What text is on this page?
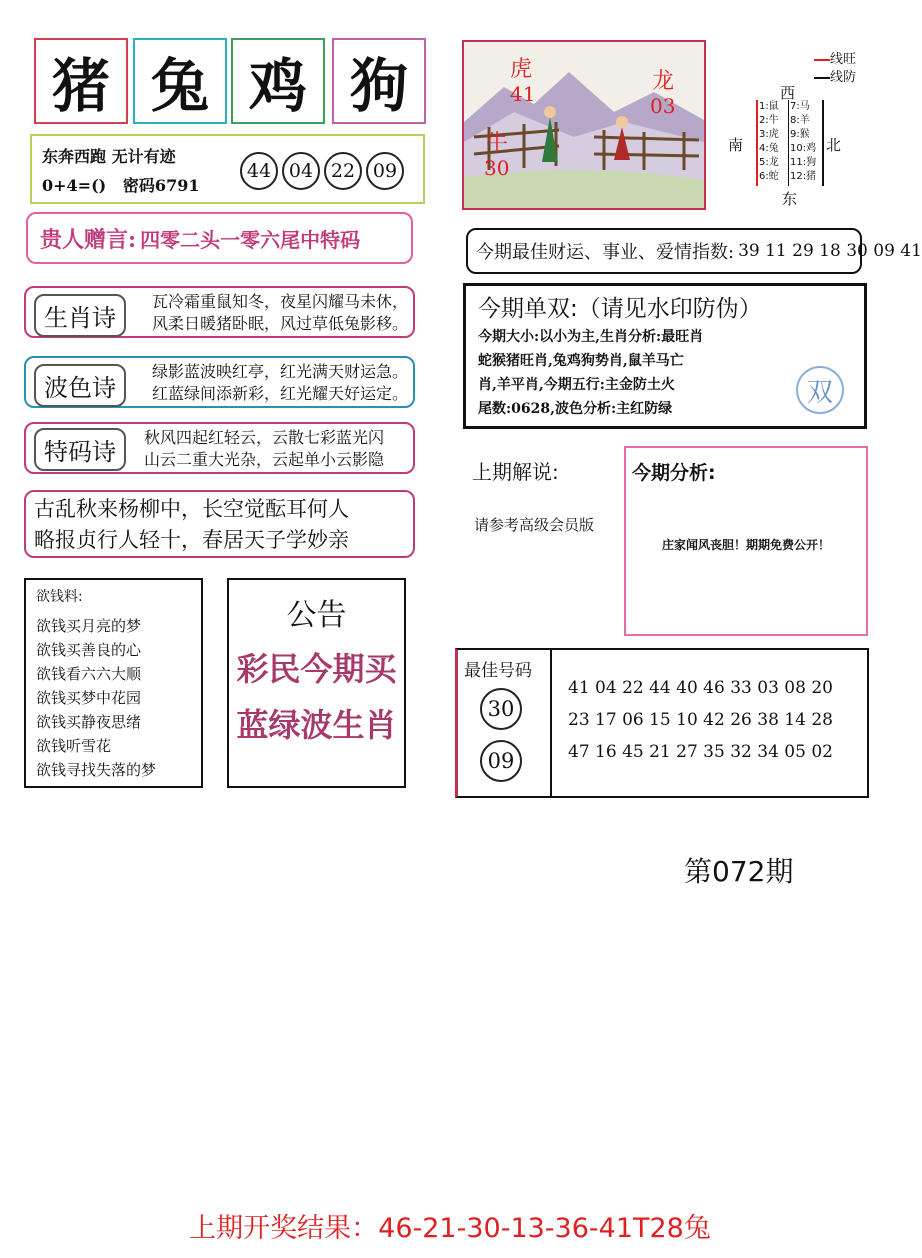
猪 兔 鸡 狗
东奔西跑 无计有迹
0+4=()   密码6791
44 04 22 09
贵人赠言: 四零二头一零六尾中特码
生肖诗
瓦冷霜重鼠知冬，夜星闪耀马未休，
风柔日暖猪卧眠，风过草低兔影移。
波色诗
绿影蓝波映红亭，红光满天财运急。
红蓝绿间添新彩，红光耀天好运定。
特码诗
秋风四起红轻云，云散七彩蓝光闪
山云二重大光杂，云起单小云影隐
古乱秋来杨柳中，长空觉酝耳何人
略报贞行人轻十，春居天子学妙亲
欲钱料:
欲钱买月亮的梦
欲钱买善良的心
欲钱看六六大顺
欲钱买梦中花园
欲钱买静夜思绪
欲钱听雪花
欲钱寻找失落的梦
公告
彩民今期买
蓝绿波生肖
虎
41	龙
03
牛
30
线旺
线防
西
南	北
东
1:鼠
2:牛
3:虎
4:兔
5:龙
6:蛇
7:马
8:羊
9:猴
10:鸡
11:狗
12:猪
今期最佳财运、事业、爱情指数: 39 11 29 18 30 09 41
今期单双:（请见水印防伪）
今期大小:以小为主,生肖分析:最旺肖
蛇猴猪旺肖,兔鸡狗势肖,鼠羊马亡
肖,羊平肖,今期五行:主金防土火
尾数:0628,波色分析:主红防绿
双
上期解说:
请参考高级会员版
今期分析:
庄家闻风丧胆！期期免费公开！
最佳号码
30
09
41 04 22 44 40 46 33 03 08 20
23 17 06 15 10 42 26 38 14 28
47 16 45 21 27 35 32 34 05 02
第072期
上期开奖结果：46-21-30-13-36-41T28兔
